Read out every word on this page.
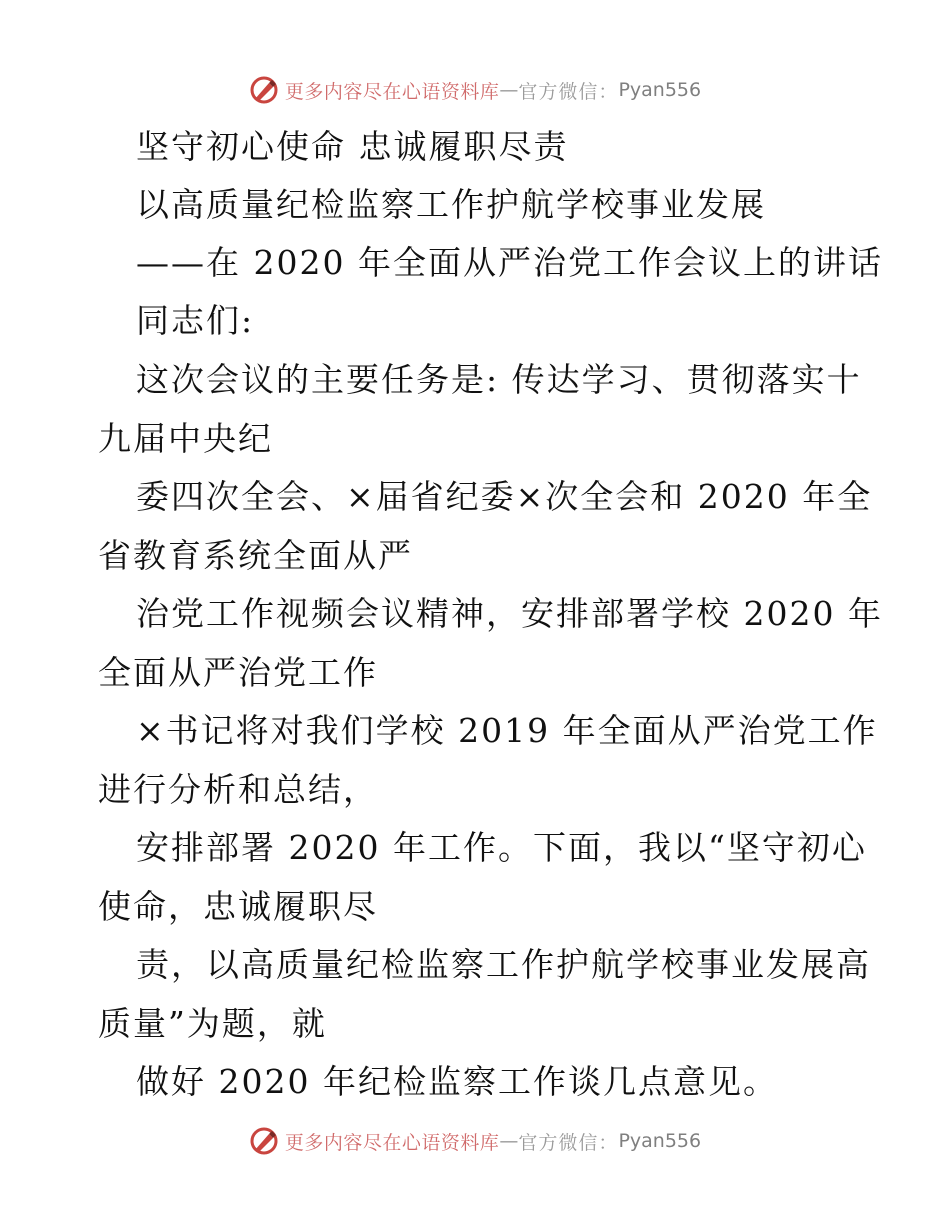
更多内容尽在心语资料库 — 官方微信： Pyan556
坚守初心使命 忠诚履职尽责
以高质量纪检监察工作护航学校事业发展
——在 2020 年全面从严治党工作会议上的讲话
同志们:
这次会议的主要任务是: 传达学习、贯彻落实十
九届中央纪
委四次全会、×届省纪委×次全会和 2020 年全
省教育系统全面从严
治党工作视频会议精神，安排部署学校 2020 年
全面从严治党工作
×书记将对我们学校 2019 年全面从严治党工作
进行分析和总结，
安排部署 2020 年工作。下面，我以“坚守初心
使命，忠诚履职尽
责，以高质量纪检监察工作护航学校事业发展高
质量”为题，就
做好 2020 年纪检监察工作谈几点意见。
更多内容尽在心语资料库 — 官方微信： Pyan556
